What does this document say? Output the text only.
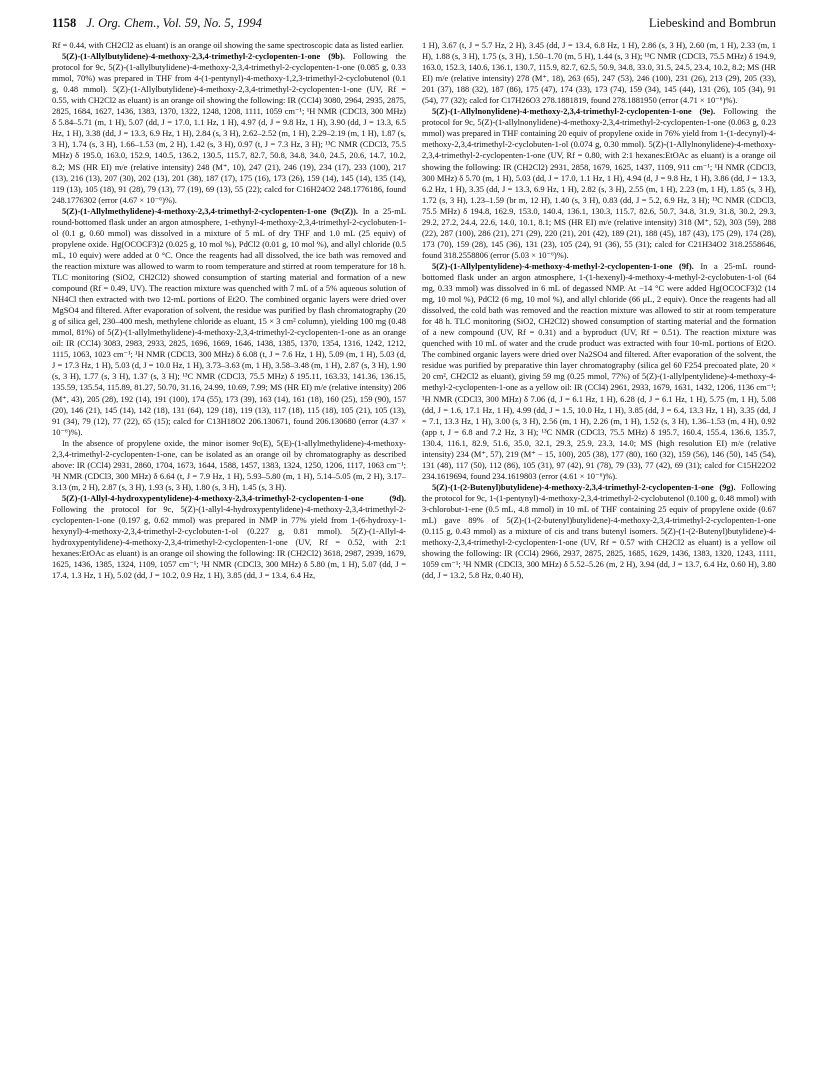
1158 J. Org. Chem., Vol. 59, No. 5, 1994	Liebeskind and Bombrun

Rf = 0.44, with CH2Cl2 as eluant) is an orange oil showing the same spectroscopic data as listed earlier.

5(Z)-(1-Allylbutylidene)-4-methoxy-2,3,4-trimethyl-2-cyclopenten-1-one (9b). Following the protocol for 9c, 5(Z)-(1-allylbutylidene)-4-methoxy-2,3,4-trimethyl-2-cyclopenten-1-one (0.085 g, 0.33 mmol, 70%) was prepared in THF from 4-(1-pentynyl)-4-methoxy-1,2,3-trimethyl-2-cyclobutenol (0.1 g, 0.48 mmol). 5(Z)-(1-Allylbutylidene)-4-methoxy-2,3,4-trimethyl-2-cyclopenten-1-one (UV, Rf = 0.55, with CH2Cl2 as eluant) is an orange oil showing the following: IR (CCl4) 3080, 2964, 2935, 2875, 2825, 1684, 1627, 1436, 1383, 1370, 1322, 1248, 1208, 1111, 1059 cm⁻¹; ¹H NMR (CDCl3, 300 MHz) δ 5.84–5.71 (m, 1 H), 5.07 (dd, J = 17.0, 1.1 Hz, 1 H), 4.97 (d, J = 9.8 Hz, 1 H), 3.90 (dd, J = 13.3, 6.5 Hz, 1 H), 3.38 (dd, J = 13.3, 6.9 Hz, 1 H), 2.84 (s, 3 H), 2.62–2.52 (m, 1 H), 2.29–2.19 (m, 1 H), 1.87 (s, 3 H), 1.74 (s, 3 H), 1.66–1.53 (m, 2 H), 1.42 (s, 3 H), 0.97 (t, J = 7.3 Hz, 3 H); ¹³C NMR (CDCl3, 75.5 MHz) δ 195.0, 163.0, 152.9, 140.5, 136.2, 130.5, 115.7, 82.7, 50.8, 34.8, 34.0, 24.5, 20.6, 14.7, 10.2, 8.2; MS (HR EI) m/e (relative intensity) 248 (M⁺, 10), 247 (21), 246 (19), 234 (17), 233 (100), 217 (13), 216 (13), 207 (30), 202 (13), 201 (38), 187 (17), 175 (16), 173 (26), 159 (14), 145 (14), 135 (14), 119 (13), 105 (18), 91 (28), 79 (13), 77 (19), 69 (13), 55 (22); calcd for C16H24O2 248.1776186, found 248.1776302 (error (4.67 × 10⁻⁶)%).

5(Z)-(1-Allylmethylidene)-4-methoxy-2,3,4-trimethyl-2-cyclopenten-1-one (9c(Z)). In a 25-mL round-bottomed flask under an argon atmosphere, 1-ethynyl-4-methoxy-2,3,4-trimethyl-2-cyclobuten-1-ol (0.1 g, 0.60 mmol) was dissolved in a mixture of 5 mL of dry THF and 1.0 mL (25 equiv) of propylene oxide. Hg(OCOCF3)2 (0.025 g, 10 mol %), PdCl2 (0.01 g, 10 mol %), and allyl chloride (0.5 mL, 10 equiv) were added at 0 °C. Once the reagents had all dissolved, the ice bath was removed and the reaction mixture was allowed to warm to room temperature and stirred at room temperature for 18 h. TLC monitoring (SiO2, CH2Cl2) showed consumption of starting material and formation of a new compound (Rf = 0.49, UV). The reaction mixture was quenched with 7 mL of a 5% aqueous solution of NH4Cl then extracted with two 12-mL portions of Et2O. The combined organic layers were dried over MgSO4 and filtered. After evaporation of solvent, the residue was purified by flash chromatography (20 g of silica gel, 230–400 mesh, methylene chloride as eluant, 15 × 3 cm² column), yielding 100 mg (0.48 mmol, 81%) of 5(Z)-(1-allylmethylidene)-4-methoxy-2,3,4-trimethyl-2-cyclopenten-1-one as an orange oil: IR (CCl4) 3083, 2983, 2933, 2825, 1696, 1669, 1646, 1438, 1385, 1370, 1354, 1316, 1242, 1212, 1115, 1063, 1023 cm⁻¹; ¹H NMR (CDCl3, 300 MHz) δ 6.08 (t, J = 7.6 Hz, 1 H), 5.09 (m, 1 H), 5.03 (d, J = 17.3 Hz, 1 H), 5.03 (d, J = 10.0 Hz, 1 H), 3.73–3.63 (m, 1 H), 3.58–3.48 (m, 1 H), 2.87 (s, 3 H), 1.90 (s, 3 H), 1.77 (s, 3 H), 1.37 (s, 3 H); ¹³C NMR (CDCl3, 75.5 MHz) δ 195.11, 163.33, 141.36, 136.15, 135.59, 135.54, 115.89, 81.27, 50.70, 31.16, 24.99, 10.69, 7.99; MS (HR EI) m/e (relative intensity) 206 (M⁺, 43), 205 (28), 192 (14), 191 (100), 174 (55), 173 (39), 163 (14), 161 (18), 160 (25), 159 (90), 157 (20), 146 (21), 145 (14), 142 (18), 131 (64), 129 (18), 119 (13), 117 (18), 115 (18), 105 (21), 105 (13), 91 (34), 79 (12), 77 (22), 65 (15); calcd for C13H18O2 206.130671, found 206.130680 (error (4.37 × 10⁻⁶)%).

In the absence of propylene oxide, the minor isomer 9c(E), 5(E)-(1-allylmethylidene)-4-methoxy-2,3,4-trimethyl-2-cyclopenten-1-one, can be isolated as an orange oil by chromatography as described above: IR (CCl4) 2931, 2860, 1704, 1673, 1644, 1588, 1457, 1383, 1324, 1250, 1206, 1117, 1063 cm⁻¹; ¹H NMR (CDCl3, 300 MHz) δ 6.64 (t, J = 7.9 Hz, 1 H), 5.93–5.80 (m, 1 H), 5.14–5.05 (m, 2 H), 3.17–3.13 (m, 2 H), 2.87 (s, 3 H), 1.93 (s, 3 H), 1.80 (s, 3 H), 1.45 (s, 3 H).

5(Z)-(1-Allyl-4-hydroxypentylidene)-4-methoxy-2,3,4-trimethyl-2-cyclopenten-1-one (9d). Following the protocol for 9c, 5(Z)-(1-allyl-4-hydroxypentylidene)-4-methoxy-2,3,4-trimethyl-2-cyclopenten-1-one (0.197 g, 0.62 mmol) was prepared in NMP in 77% yield from 1-(6-hydroxy-1-hexynyl)-4-methoxy-2,3,4-trimethyl-2-cyclobuten-1-ol (0.227 g, 0.81 mmol). 5(Z)-(1-Allyl-4-hydroxypentylidene)-4-methoxy-2,3,4-trimethyl-2-cyclopenten-1-one (UV, Rf = 0.52, with 2:1 hexanes:EtOAc as eluant) is an orange oil showing the following: IR (CH2Cl2) 3618, 2987, 2939, 1679, 1625, 1436, 1385, 1324, 1109, 1057 cm⁻¹; ¹H NMR (CDCl3, 300 MHz) δ 5.80 (m, 1 H), 5.07 (dd, J = 17.4, 1.3 Hz, 1 H), 5.02 (dd, J = 10.2, 0.9 Hz, 1 H), 3.85 (dd, J = 13.4, 6.4 Hz,

1 H), 3.67 (t, J = 5.7 Hz, 2 H), 3.45 (dd, J = 13.4, 6.8 Hz, 1 H), 2.86 (s, 3 H), 2.60 (m, 1 H), 2.33 (m, 1 H), 1.88 (s, 3 H), 1.75 (s, 3 H), 1.50–1.70 (m, 5 H), 1.44 (s, 3 H); ¹³C NMR (CDCl3, 75.5 MHz) δ 194.9, 163.0, 152.3, 140.6, 136.1, 130.7, 115.9, 82.7, 62.5, 50.9, 34.8, 33.0, 31.5, 24.5, 23.4, 10.2, 8.2; MS (HR EI) m/e (relative intensity) 278 (M⁺, 18), 263 (65), 247 (53), 246 (100), 231 (26), 213 (29), 205 (33), 201 (37), 188 (32), 187 (86), 175 (47), 174 (33), 173 (74), 159 (34), 145 (44), 131 (26), 105 (34), 91 (54), 77 (32); calcd for C17H26O3 278.1881819, found 278.1881950 (error (4.71 × 10⁻⁶)%).

5(Z)-(1-Allylnonylidene)-4-methoxy-2,3,4-trimethyl-2-cyclopenten-1-one (9e). Following the protocol for 9c, 5(Z)-(1-allylnonylidene)-4-methoxy-2,3,4-trimethyl-2-cyclopenten-1-one (0.063 g, 0.23 mmol) was prepared in THF containing 20 equiv of propylene oxide in 76% yield from 1-(1-decynyl)-4-methoxy-2,3,4-trimethyl-2-cyclobuten-1-ol (0.074 g, 0.30 mmol). 5(Z)-(1-Allylnonylidene)-4-methoxy-2,3,4-trimethyl-2-cyclopenten-1-one (UV, Rf = 0.80, with 2:1 hexanes:EtOAc as eluant) is a orange oil showing the following: IR (CH2Cl2) 2931, 2858, 1679, 1625, 1437, 1109, 911 cm⁻¹; ¹H NMR (CDCl3, 300 MHz) δ 5.70 (m, 1 H), 5.03 (dd, J = 17.0, 1.1 Hz, 1 H), 4.94 (d, J = 9.8 Hz, 1 H), 3.86 (dd, J = 13.3, 6.2 Hz, 1 H), 3.35 (dd, J = 13.3, 6.9 Hz, 1 H), 2.82 (s, 3 H), 2.55 (m, 1 H), 2.23 (m, 1 H), 1.85 (s, 3 H), 1.72 (s, 3 H), 1.23–1.59 (br m, 12 H), 1.40 (s, 3 H), 0.83 (dd, J = 5.2, 6.9 Hz, 3 H); ¹³C NMR (CDCl3, 75.5 MHz) δ 194.8, 162.9, 153.0, 140.4, 136.1, 130.3, 115.7, 82.6, 50.7, 34.8, 31.9, 31.8, 30.2, 29.3, 29.2, 27.2, 24.4, 22.6, 14.0, 10.1, 8.1; MS (HR EI) m/e (relative intensity) 318 (M⁺, 52), 303 (59), 288 (22), 287 (100), 286 (21), 271 (29), 220 (21), 201 (42), 189 (21), 188 (45), 187 (43), 175 (29), 174 (28), 173 (70), 159 (28), 145 (36), 131 (23), 105 (24), 91 (36), 55 (31); calcd for C21H34O2 318.2558646, found 318.2558806 (error (5.03 × 10⁻⁶)%).

5(Z)-(1-Allylpentylidene)-4-methoxy-4-methyl-2-cyclopenten-1-one (9f). In a 25-mL round-bottomed flask under an argon atmosphere, 1-(1-hexenyl)-4-methoxy-4-methyl-2-cyclobuten-1-ol (64 mg, 0.33 mmol) was dissolved in 6 mL of degassed NMP. At −14 °C were added Hg(OCOCF3)2 (14 mg, 10 mol %), PdCl2 (6 mg, 10 mol %), and allyl chloride (66 μL, 2 equiv). Once the reagents had all dissolved, the cold bath was removed and the reaction mixture was allowed to stir at room temperature for 48 h. TLC monitoring (SiO2, CH2Cl2) showed consumption of starting material and the formation of a new compound (UV, Rf = 0.31) and a byproduct (UV, Rf = 0.51). The reaction mixture was quenched with 10 mL of water and the crude product was extracted with four 10-mL portions of Et2O. The combined organic layers were dried over Na2SO4 and filtered. After evaporation of the solvent, the residue was purified by preparative thin layer chromatography (silica gel 60 F254 precoated plate, 20 × 20 cm², CH2Cl2 as eluant), giving 59 mg (0.25 mmol, 77%) of 5(Z)-(1-allylpentylidene)-4-methoxy-4-methyl-2-cyclopenten-1-one as a yellow oil: IR (CCl4) 2961, 2933, 1679, 1631, 1432, 1206, 1136 cm⁻¹; ¹H NMR (CDCl3, 300 MHz) δ 7.06 (d, J = 6.1 Hz, 1 H), 6.28 (d, J = 6.1 Hz, 1 H), 5.75 (m, 1 H), 5.08 (dd, J = 1.6, 17.1 Hz, 1 H), 4.99 (dd, J = 1.5, 10.0 Hz, 1 H), 3.85 (dd, J = 6.4, 13.3 Hz, 1 H), 3.35 (dd, J = 7.1, 13.3 Hz, 1 H), 3.00 (s, 3 H), 2.56 (m, 1 H), 2.26 (m, 1 H), 1.52 (s, 3 H), 1.36–1.53 (m, 4 H), 0.92 (app t, J = 6.8 and 7.2 Hz, 3 H); ¹³C NMR (CDCl3, 75.5 MHz) δ 195.7, 160.4, 155.4, 136.6, 135.7, 130.4, 116.1, 82.9, 51.6, 35.0, 32.1, 29.3, 25.9, 23.3, 14.0; MS (high resolution EI) m/e (relative intensity) 234 (M⁺, 57), 219 (M⁺ − 15, 100), 205 (38), 177 (80), 160 (32), 159 (56), 146 (50), 145 (54), 131 (48), 117 (50), 112 (86), 105 (31), 97 (42), 91 (78), 79 (33), 77 (42), 69 (31); calcd for C15H22O2 234.1619694, found 234.1619803 (error (4.61 × 10⁻⁶)%).

5(Z)-(1-(2-Butenyl)butylidene)-4-methoxy-2,3,4-trimethyl-2-cyclopenten-1-one (9g). Following the protocol for 9c, 1-(1-pentynyl)-4-methoxy-2,3,4-trimethyl-2-cyclobutenol (0.100 g, 0.48 mmol) with 3-chlorobut-1-ene (0.5 mL, 4.8 mmol) in 10 mL of THF containing 25 equiv of propylene oxide (0.67 mL) gave 89% of 5(Z)-(1-(2-butenyl)butylidene)-4-methoxy-2,3,4-trimethyl-2-cyclopenten-1-one (0.115 g, 0.43 mmol) as a mixture of cis and trans butenyl isomers. 5(Z)-(1-(2-Butenyl)butylidene)-4-methoxy-2,3,4-trimethyl-2-cyclopenten-1-one (UV, Rf = 0.57 with CH2Cl2 as eluant) is a yellow oil showing the following: IR (CCl4) 2966, 2937, 2875, 2825, 1685, 1629, 1436, 1383, 1320, 1243, 1111, 1059 cm⁻¹; ¹H NMR (CDCl3, 300 MHz) δ 5.52–5.26 (m, 2 H), 3.94 (dd, J = 13.7, 6.4 Hz, 0.60 H), 3.80 (dd, J = 13.2, 5.8 Hz, 0.40 H),
